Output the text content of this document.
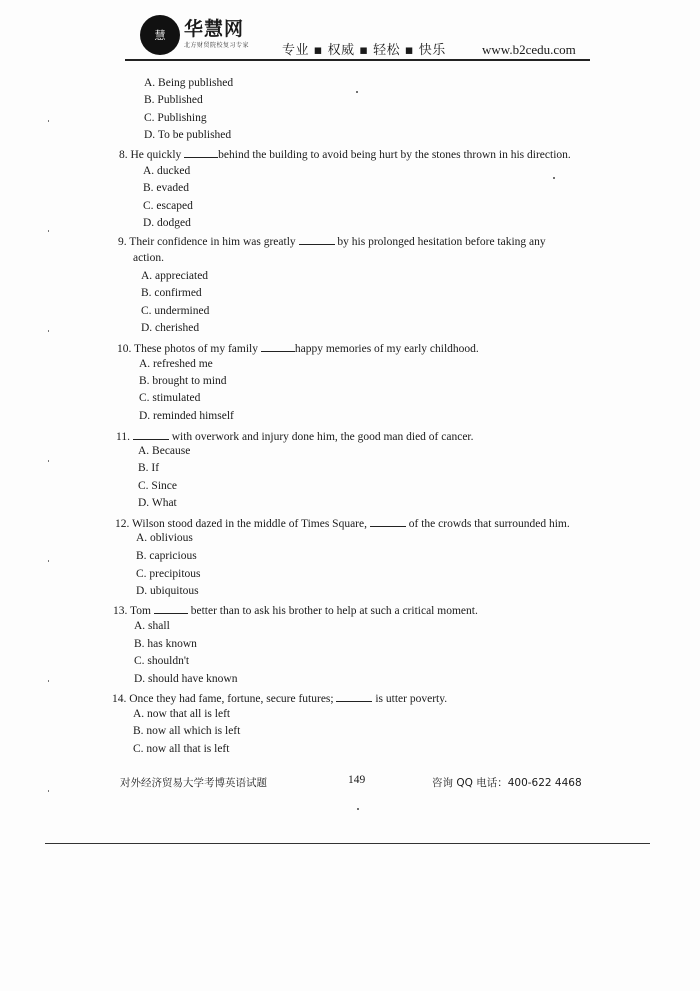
慧 华慧网
北方财贸院校复习专家	专业 ▪ 权威 ▪ 轻松 ▪ 快乐	www.b2cedu.com
A. Being published
B. Published
C. Publishing
D. To be published
8. He quickly	behind the building to avoid being hurt by the stones thrown in his direction.
A. ducked
B. evaded
C. escaped
D. dodged
9. Their confidence in him was greatly	by his prolonged hesitation before taking any
action.
A. appreciated
B. confirmed
C. undermined
D. cherished
10. These photos of my family	happy memories of my early childhood.
A. refreshed me
B. brought to mind
C. stimulated
D. reminded himself
11.	with overwork and injury done him, the good man died of cancer.
A. Because
B. If
C. Since
D. What
12. Wilson stood dazed in the middle of Times Square,	of the crowds that surrounded him.
A. oblivious
B. capricious
C. precipitous
D. ubiquitous
13. Tom	better than to ask his brother to help at such a critical moment.
A. shall
B. has known
C. shouldn't
D. should have known
14. Once they had fame, fortune, secure futures;	is utter poverty.
A. now that all is left
B. now all which is left
C. now all that is left
对外经济贸易大学考博英语试题	149	咨询 QQ 电话：400-622 4468
